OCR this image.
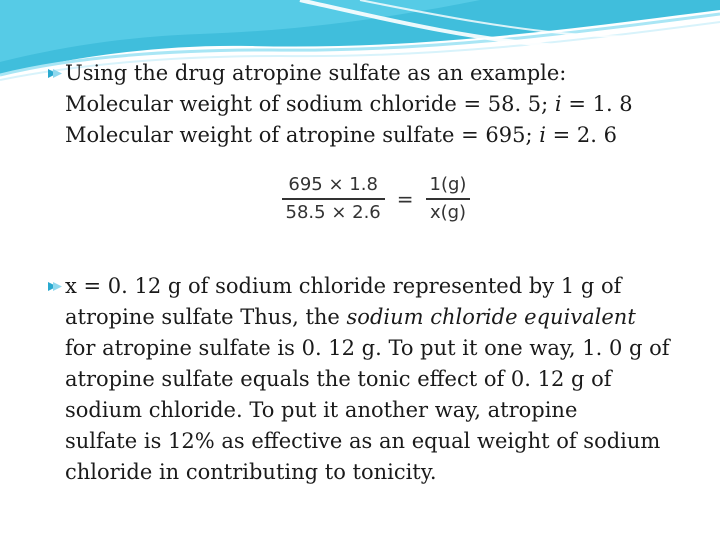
Using the drug atropine sulfate as an example:
Molecular weight of sodium chloride = 58. 5; i = 1. 8
Molecular weight of atropine sulfate = 695; i = 2. 6
$\frac{695 \times 1.8}{58.5 \times 2.6} = \frac{1(g)}{x(g)}$
x = 0. 12 g of sodium chloride represented by 1 g of
atropine sulfate Thus, the sodium chloride equivalent
for atropine sulfate is 0. 12 g. To put it one way, 1. 0 g of
atropine sulfate equals the tonic effect of 0. 12 g of
sodium chloride. To put it another way, atropine
sulfate is 12% as effective as an equal weight of sodium
chloride in contributing to tonicity.
